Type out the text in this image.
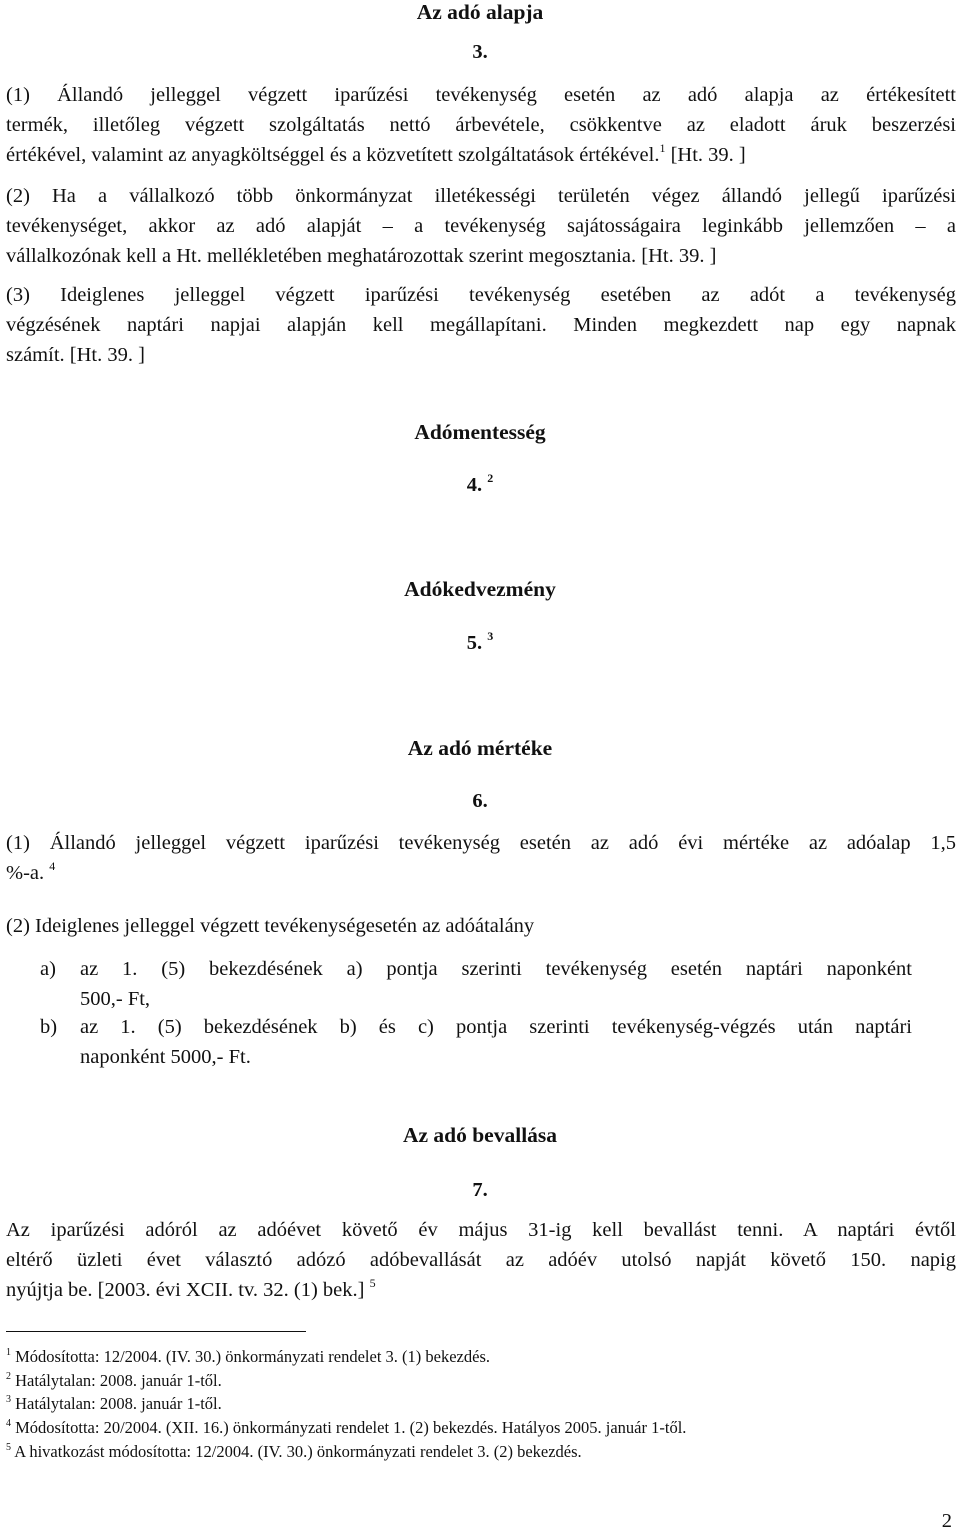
Az adó alapja
3.
(1) Állandó jelleggel végzett iparűzési tevékenység esetén az adó alapja az értékesített
termék, illetőleg végzett szolgáltatás nettó árbevétele, csökkentve az eladott áruk beszerzési
értékével, valamint az anyagköltséggel és a közvetített szolgáltatások értékével.$^1$ [Ht. 39. ]
(2) Ha a vállalkozó több önkormányzat illetékességi területén végez állandó jellegű iparűzési
tevékenységet, akkor az adó alapját – a tevékenység sajátosságaira leginkább jellemzően – a
vállalkozónak kell a Ht. mellékletében meghatározottak szerint megosztania. [Ht. 39. ]
(3) Ideiglenes jelleggel végzett iparűzési tevékenység esetében az adót a tevékenység
végzésének naptári napjai alapján kell megállapítani. Minden megkezdett nap egy napnak
számít. [Ht. 39. ]
Adómentesség
4. $^2$
Adókedvezmény
5. $^3$
Az adó mértéke
6.
(1) Állandó jelleggel végzett iparűzési tevékenység esetén az adó évi mértéke az adóalap 1,5
%-a. $^4$
(2) Ideiglenes jelleggel végzett tevékenységesetén az adóátalány
a) az 1. (5) bekezdésének a) pontja szerinti tevékenység esetén naptári naponként
500,- Ft,
b) az 1. (5) bekezdésének b) és c) pontja szerinti tevékenység-végzés után naptári
naponként 5000,- Ft.
Az adó bevallása
7.
Az iparűzési adóról az adóévet követő év május 31-ig kell bevallást tenni. A naptári évtől
eltérő üzleti évet választó adózó adóbevallását az adóév utolsó napját követő 150. napig
nyújtja be. [2003. évi XCII. tv. 32. (1) bek.] $^5$
$^1$ Módosította: 12/2004. (IV. 30.) önkormányzati rendelet 3. (1) bekezdés.
$^2$ Hatálytalan: 2008. január 1-től.
$^3$ Hatálytalan: 2008. január 1-től.
$^4$ Módosította: 20/2004. (XII. 16.) önkormányzati rendelet 1. (2) bekezdés. Hatályos 2005. január 1-től.
$^5$ A hivatkozást módosította: 12/2004. (IV. 30.) önkormányzati rendelet 3. (2) bekezdés.
2
